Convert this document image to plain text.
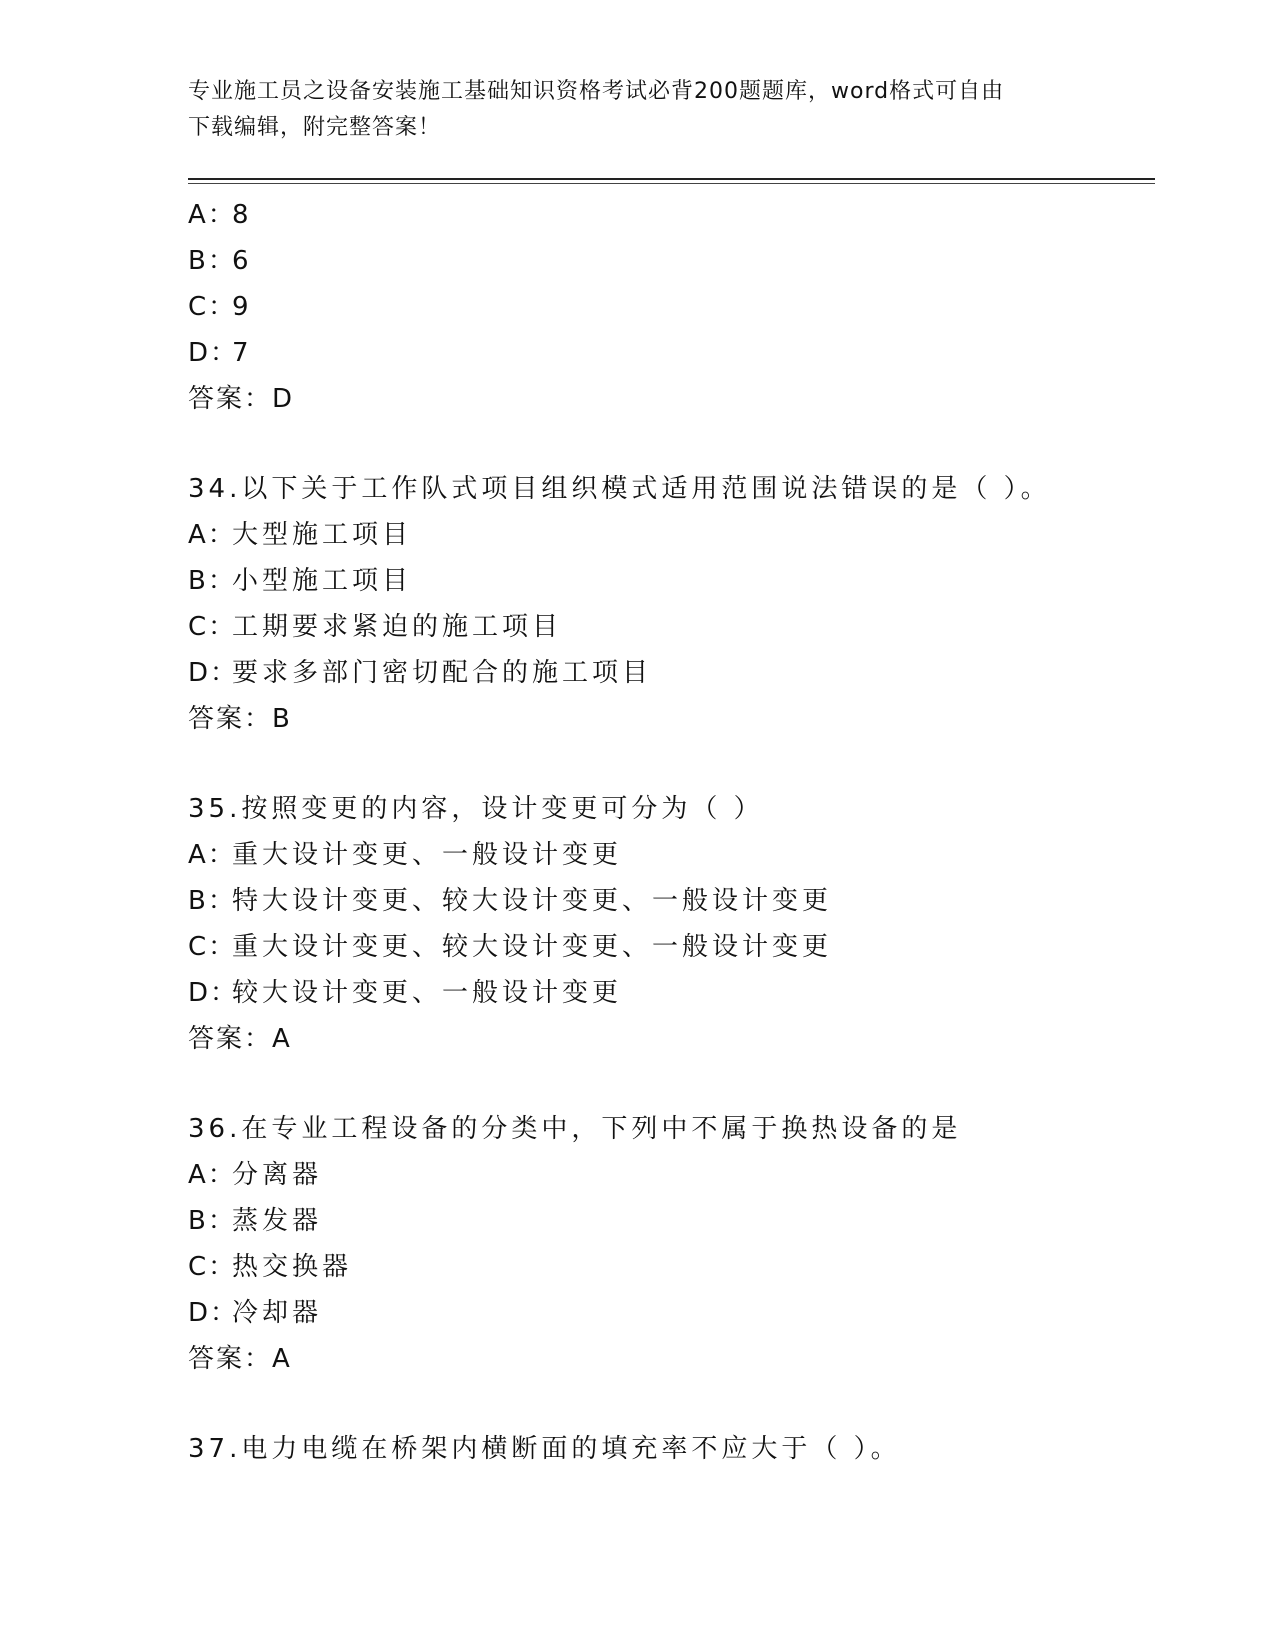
专业施工员之设备安装施工基础知识资格考试必背200题题库，word格式可自由
下载编辑，附完整答案！
A：8
B：6
C：9
D：7
答案：D
34.以下关于工作队式项目组织模式适用范围说法错误的是（ ）。
A：大型施工项目
B：小型施工项目
C：工期要求紧迫的施工项目
D：要求多部门密切配合的施工项目
答案：B
35.按照变更的内容，设计变更可分为（ ）
A：重大设计变更、一般设计变更
B：特大设计变更、较大设计变更、一般设计变更
C：重大设计变更、较大设计变更、一般设计变更
D：较大设计变更、一般设计变更
答案：A
36.在专业工程设备的分类中，下列中不属于换热设备的是
A：分离器
B：蒸发器
C：热交换器
D：冷却器
答案：A
37.电力电缆在桥架内横断面的填充率不应大于（ ）。
